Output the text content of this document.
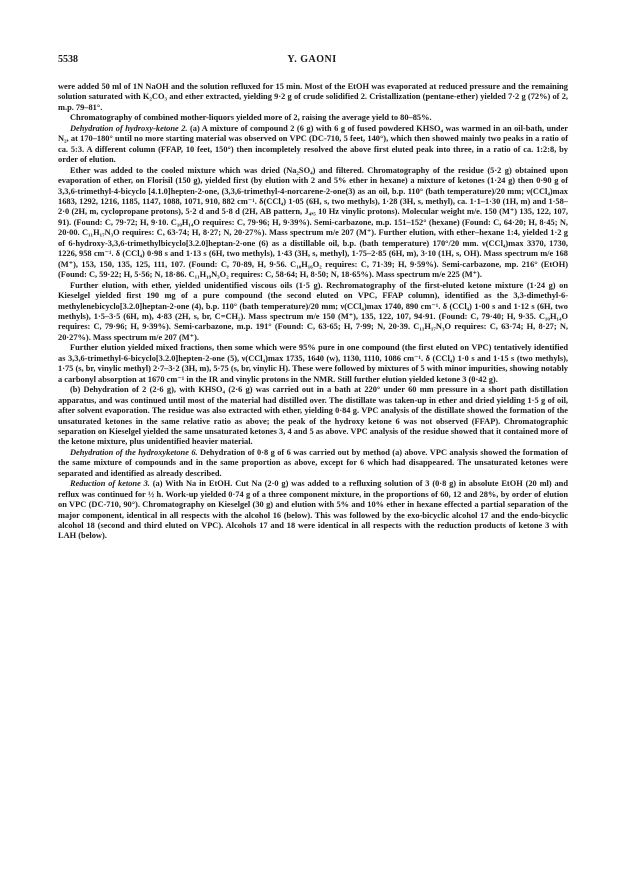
5538	Y. GAONI

were added 50 ml of 1N NaOH and the solution refluxed for 15 min. Most of the EtOH was evaporated at reduced pressure and the remaining solution saturated with K₂CO₃ and ether extracted, yielding 9·2 g of crude solidified 2. Cristallization (pentane-ether) yielded 7·2 g (72%) of 2, m.p. 79–81°.

Chromatography of combined mother-liquors yielded more of 2, raising the average yield to 80–85%.

Dehydration of hydroxy-ketone 2. (a) A mixture of compound 2 (6 g) with 6 g of fused powdered KHSO₄ was warmed in an oil-bath, under N₂, at 170–180° until no more starting material was observed on VPC (DC-710, 5 feet, 140°), which then showed mainly two peaks in a ratio of ca. 5:3. A different column (FFAP, 10 feet, 150°) then incompletely resolved the above first eluted peak into three, in a ratio of ca. 1:2:8, by order of elution.

Ether was added to the cooled mixture which was dried (Na₂SO₄) and filtered. Chromatography of the residue (5·2 g) obtained upon evaporation of ether, on Florisil (150 g), yielded first (by elution with 2 and 5% ether in hexane) a mixture of ketones (1·24 g) then 0·90 g of 3,3,6-trimethyl-4-bicyclo [4.1.0]hepten-2-one, (3,3,6-trimethyl-4-norcarene-2-one(3) as an oil, b.p. 110° (bath temperature)/20 mm; ν(CCl₄)max 1683, 1292, 1216, 1185, 1147, 1088, 1071, 910, 882 cm⁻¹. δ(CCl₄) 1·05 (6H, s, two methyls), 1·28 (3H, s, methyl), ca. 1·1–1·30 (1H, m) and 1·58–2·0 (2H, m, cyclopropane protons), 5·2 d and 5·8 d (2H, AB pattern, J₄,₅ 10 Hz vinylic protons). Molecular weight m/e. 150 (M⁺) 135, 122, 107, 91). (Found: C, 79·72; H, 9·10. C₁₀H₁₄O requires: C, 79·96; H, 9·39%). Semi-carbazone, m.p. 151–152° (hexane) (Found: C, 64·20; H, 8·45; N, 20·00. C₁₁H₁₇N₃O requires: C, 63·74; H, 8·27; N, 20·27%). Mass spectrum m/e 207 (M⁺). Further elution, with ether–hexane 1:4, yielded 1·2 g of 6-hydroxy-3,3,6-trimethylbicyclo[3.2.0]heptan-2-one (6) as a distillable oil, b.p. (bath temperature) 170°/20 mm. ν(CCl₄)max 3370, 1730, 1226, 958 cm⁻¹. δ (CCl₄) 0·98 s and 1·13 s (6H, two methyls), 1·43 (3H, s, methyl), 1·75–2·85 (6H, m), 3·10 (1H, s, OH). Mass spectrum m/e 168 (M⁺), 153, 150, 135, 125, 111, 107. (Found: C, 70·89, H, 9·56. C₁₀H₁₆O₂ requires: C, 71·39; H, 9·59%). Semi-carbazone, mp. 216° (EtOH) (Found: C, 59·22; H, 5·56; N, 18·86. C₁₁H₁₉N₃O₂ requires: C, 58·64; H, 8·50; N, 18·65%). Mass spectrum m/e 225 (M⁺).

Further elution, with ether, yielded unidentified viscous oils (1·5 g). Rechromatography of the first-eluted ketone mixture (1·24 g) on Kieselgel yielded first 190 mg of a pure compound (the second eluted on VPC, FFAP column), identified as the 3,3-dimethyl-6-methylenebicyclo[3.2.0]heptan-2-one (4), b.p. 110° (bath temperature)/20 mm; ν(CCl₄)max 1740, 890 cm⁻¹. δ (CCl₄) 1·00 s and 1·12 s (6H, two methyls), 1·5–3·5 (6H, m), 4·83 (2H, s, br, C=CH₂). Mass spectrum m/e 150 (M⁺), 135, 122, 107, 94·91. (Found: C, 79·40; H, 9·35. C₁₀H₁₄O requires: C, 79·96; H, 9·39%). Semi-carbazone, m.p. 191° (Found: C, 63·65; H, 7·99; N, 20·39. C₁₁H₁₇N₃O requires: C, 63·74; H, 8·27; N, 20·27%). Mass spectrum m/e 207 (M⁺).

Further elution yielded mixed fractions, then some which were 95% pure in one compound (the first eluted on VPC) tentatively identified as 3,3,6-trimethyl-6-bicyclo[3.2.0]hepten-2-one (5), ν(CCl₄)max 1735, 1640 (w), 1130, 1110, 1086 cm⁻¹. δ (CCl₄) 1·0 s and 1·15 s (two methyls), 1·75 (s, br, vinylic methyl) 2·7–3·2 (3H, m), 5·75 (s, br, vinylic H). These were followed by mixtures of 5 with minor impurities, showing notably a carbonyl absorption at 1670 cm⁻¹ in the IR and vinylic protons in the NMR. Still further elution yielded ketone 3 (0·42 g).

(b) Dehydration of 2 (2·6 g), with KHSO₄ (2·6 g) was carried out in a bath at 220° under 60 mm pressure in a short path distillation apparatus, and was continued until most of the material had distilled over. The distillate was taken-up in ether and dried yielding 1·5 g of oil, after solvent evaporation. The residue was also extracted with ether, yielding 0·84 g. VPC analysis of the distillate showed the formation of the unsaturated ketones in the same relative ratio as above; the peak of the hydroxy ketone 6 was not observed (FFAP). Chromatographic separation on Kieselgel yielded the same unsaturated ketones 3, 4 and 5 as above. VPC analysis of the residue showed that it contained more of the ketone mixture, plus unidentified heavier material.

Dehydration of the hydroxyketone 6. Dehydration of 0·8 g of 6 was carried out by method (a) above. VPC analysis showed the formation of the same mixture of compounds and in the same proportion as above, except for 6 which had disappeared. The unsaturated ketones were separated and identified as already described.

Reduction of ketone 3. (a) With Na in EtOH. Cut Na (2·0 g) was added to a refluxing solution of 3 (0·8 g) in absolute EtOH (20 ml) and reflux was continued for ½ h. Work-up yielded 0·74 g of a three component mixture, in the proportions of 60, 12 and 28%, by order of elution on VPC (DC-710, 90°). Chromatography on Kieselgel (30 g) and elution with 5% and 10% ether in hexane effected a partial separation of the major component, identical in all respects with the alcohol 16 (below). This was followed by the exo-bicyclic alcohol 17 and the endo-bicyclic alcohol 18 (second and third eluted on VPC). Alcohols 17 and 18 were identical in all respects with the reduction products of ketone 3 with LAH (below).
